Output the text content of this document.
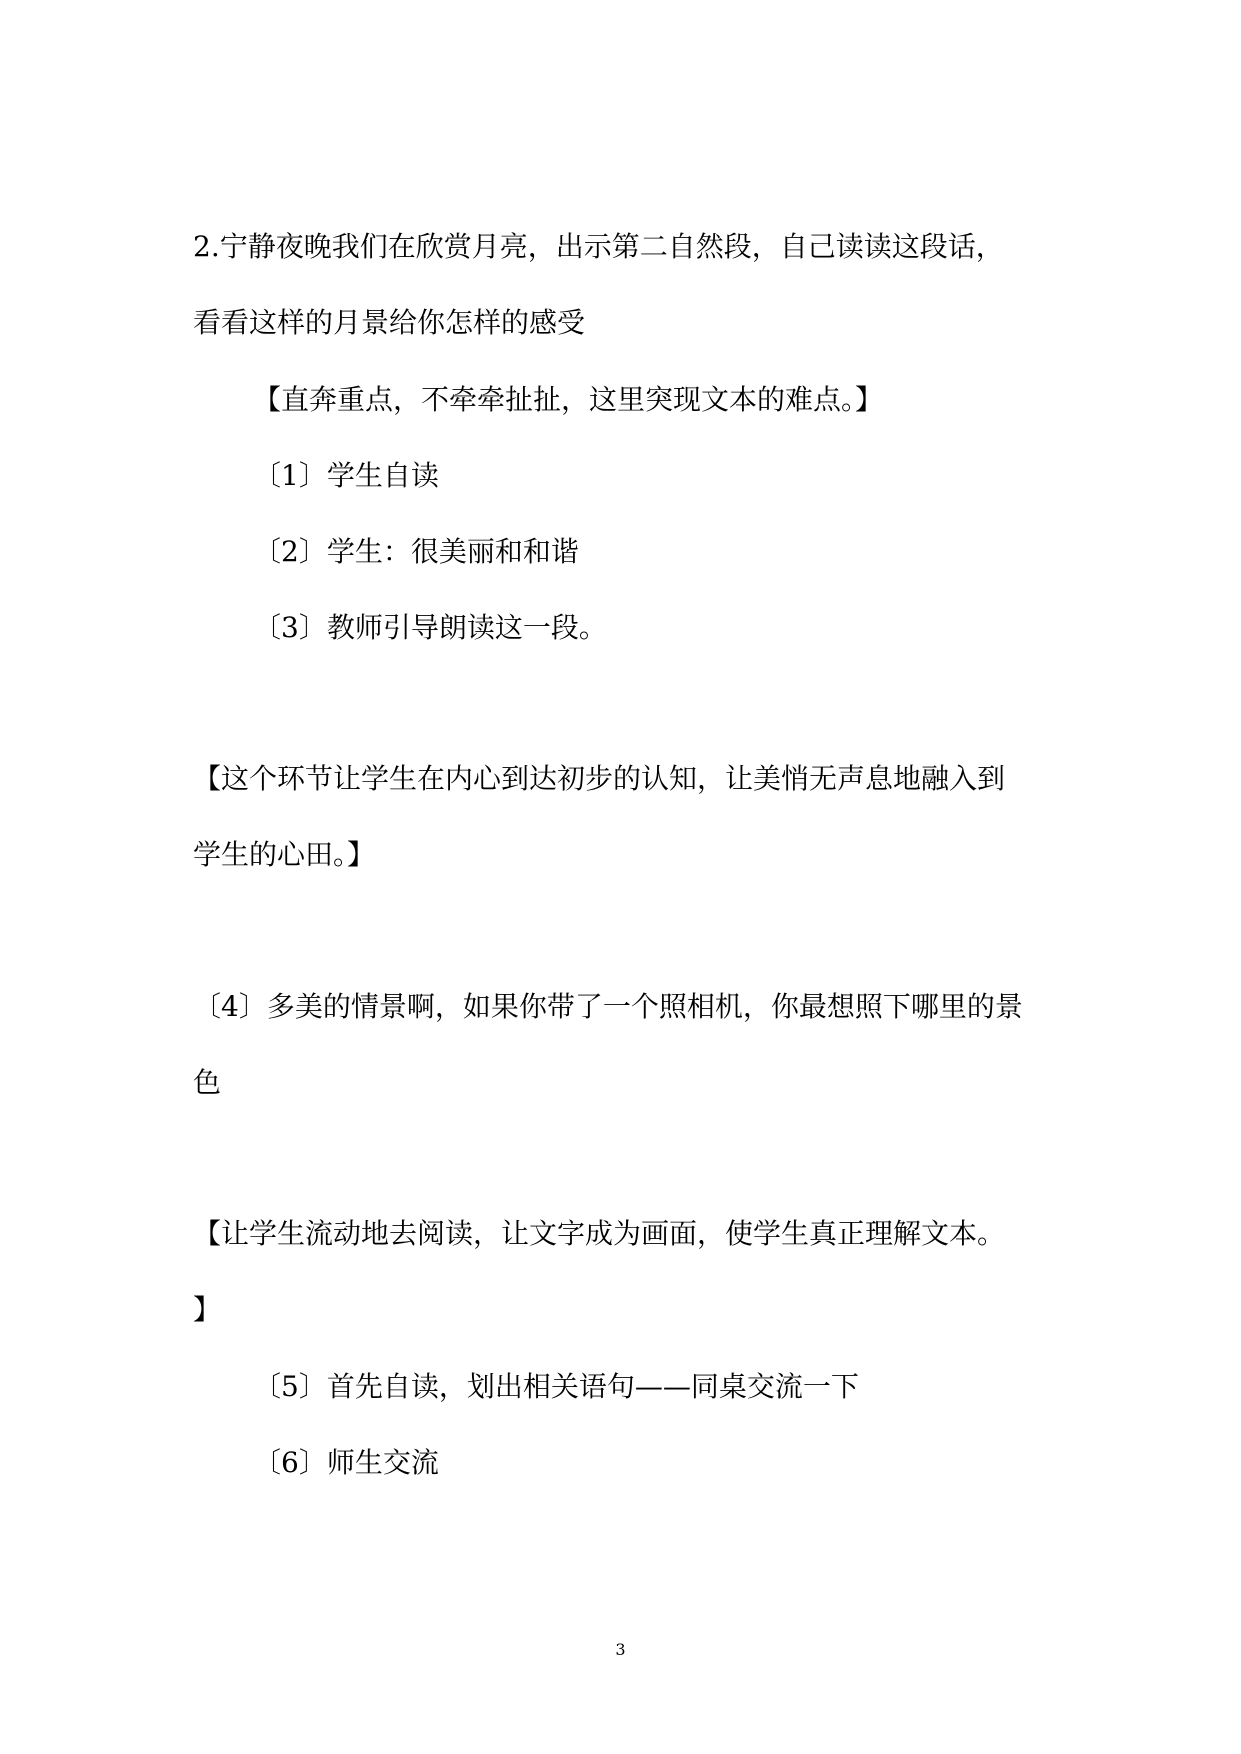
2.宁静夜晚我们在欣赏月亮，出示第二自然段，自己读读这段话，
看看这样的月景给你怎样的感受
【直奔重点，不牵牵扯扯，这里突现文本的难点。】
〔1〕学生自读
〔2〕学生：很美丽和和谐
〔3〕教师引导朗读这一段。
【这个环节让学生在内心到达初步的认知，让美悄无声息地融入到
学生的心田。】
〔4〕多美的情景啊，如果你带了一个照相机，你最想照下哪里的景
色
【让学生流动地去阅读，让文字成为画面，使学生真正理解文本。
】
〔5〕首先自读，划出相关语句——同桌交流一下
〔6〕师生交流
3
